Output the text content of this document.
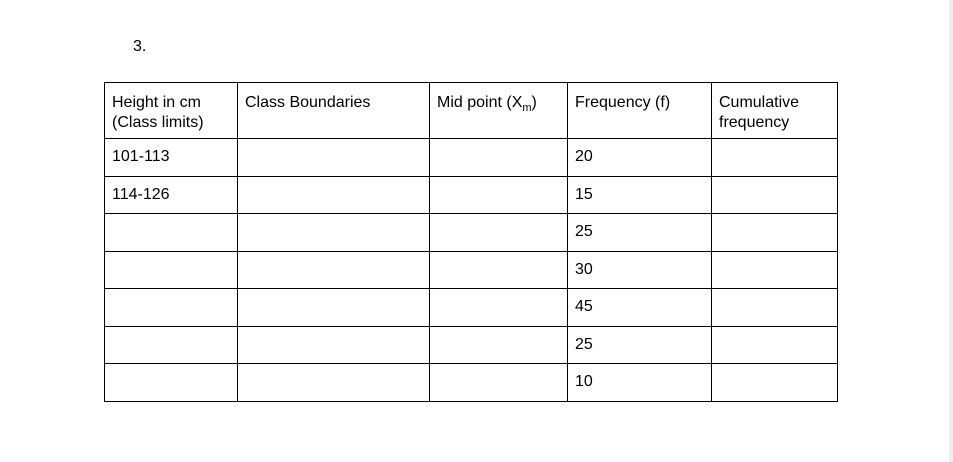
3.
Height in cm
(Class limits)	Class Boundaries	Mid point $(X_m)$	Frequency (f)	Cumulative
frequency
101-113			20	
114-126			15	
			25	
			30	
			45	
			25	
			10	
